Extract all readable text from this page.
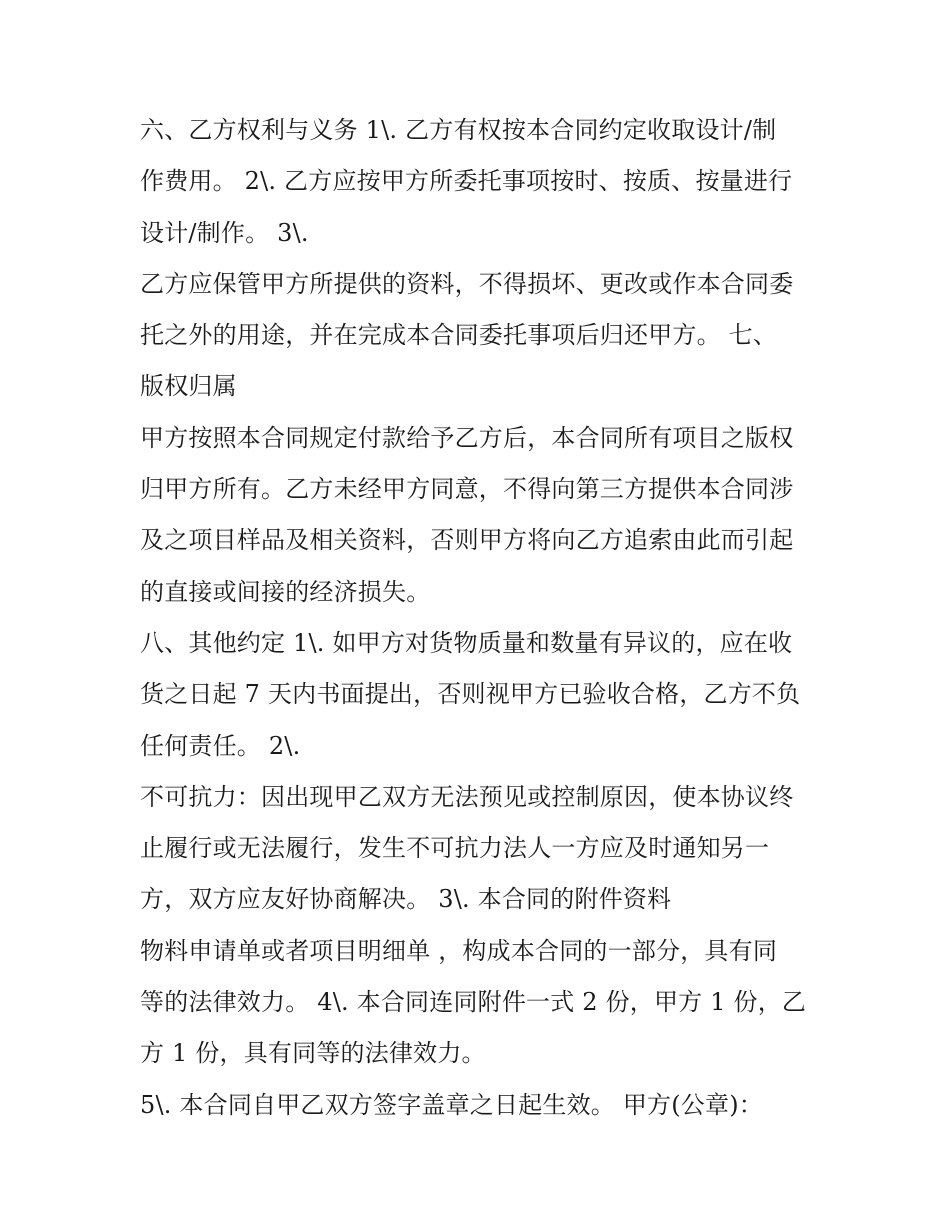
六、乙方权利与义务 1\. 乙方有权按本合同约定收取设计/制
作费用。 2\. 乙方应按甲方所委托事项按时、按质、按量进行
设计/制作。 3\.
乙方应保管甲方所提供的资料，不得损坏、更改或作本合同委
托之外的用途，并在完成本合同委托事项后归还甲方。 七、
版权归属
甲方按照本合同规定付款给予乙方后，本合同所有项目之版权
归甲方所有。乙方未经甲方同意，不得向第三方提供本合同涉
及之项目样品及相关资料，否则甲方将向乙方追索由此而引起
的直接或间接的经济损失。
八、其他约定 1\. 如甲方对货物质量和数量有异议的，应在收
货之日起 7 天内书面提出，否则视甲方已验收合格，乙方不负
任何责任。 2\.
不可抗力：因出现甲乙双方无法预见或控制原因，使本协议终
止履行或无法履行，发生不可抗力法人一方应及时通知另一
方，双方应友好协商解决。 3\. 本合同的附件资料
物料申请单或者项目明细单 ，构成本合同的一部分，具有同
等的法律效力。 4\. 本合同连同附件一式 2 份，甲方 1 份，乙
方 1 份，具有同等的法律效力。
5\. 本合同自甲乙双方签字盖章之日起生效。 甲方(公章)：
